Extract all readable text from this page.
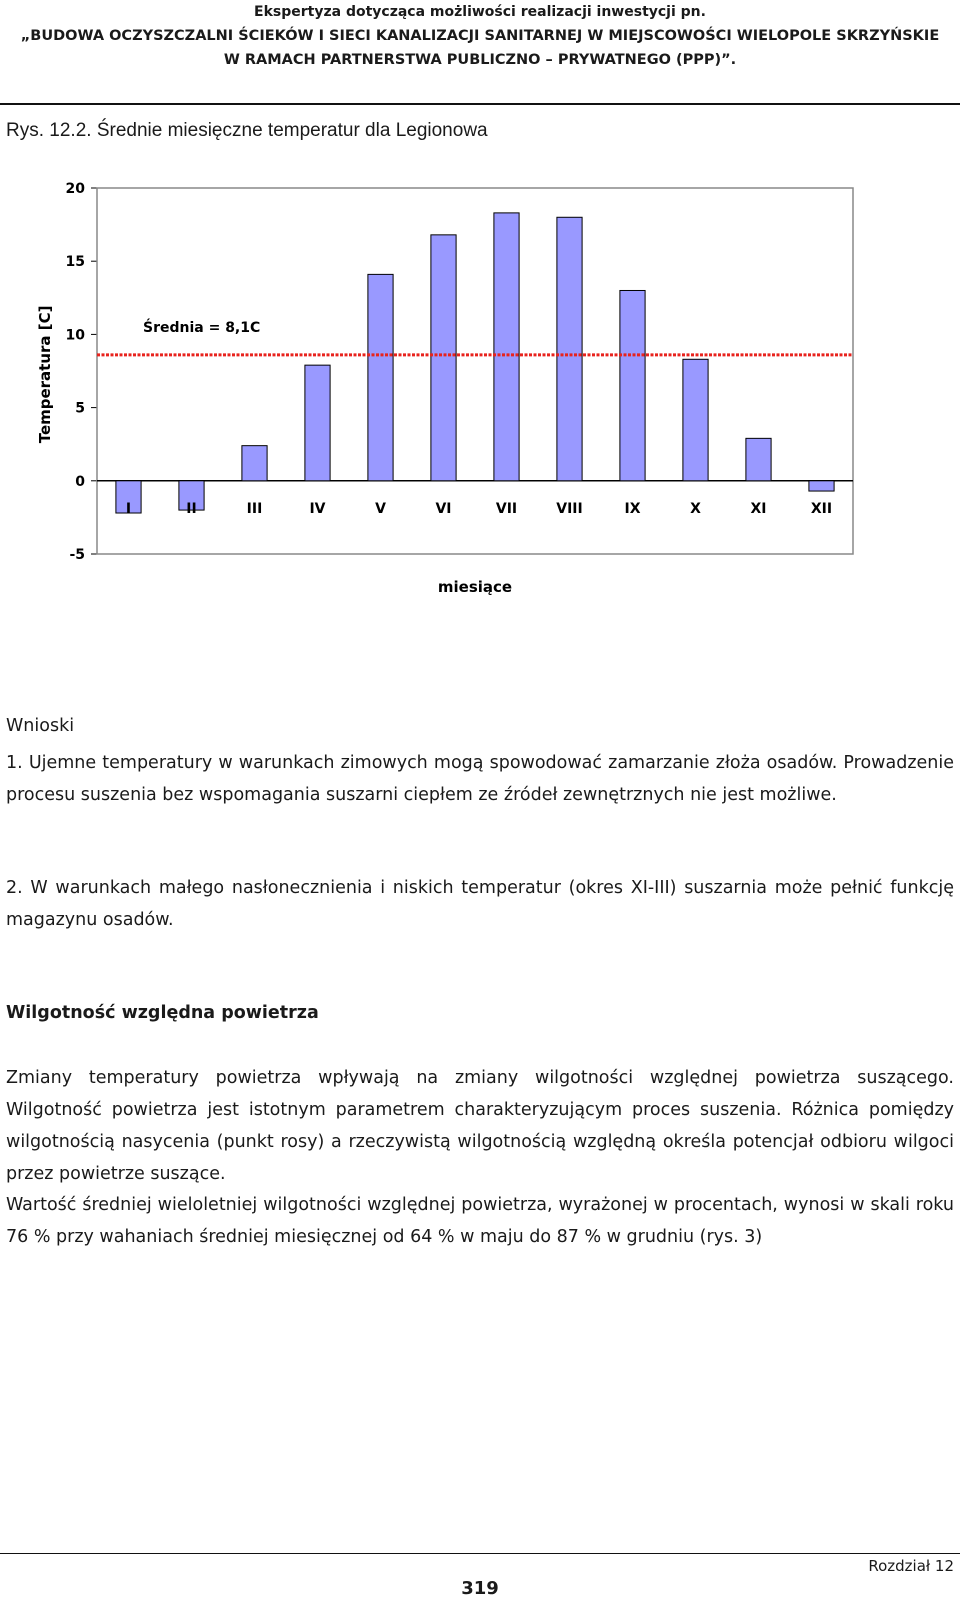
Ekspertyza dotycząca możliwości realizacji inwestycji pn.
„BUDOWA OCZYSZCZALNI ŚCIEKÓW I SIECI KANALIZACJI SANITARNEJ W MIEJSCOWOŚCI WIELOPOLE SKRZYŃSKIE
W RAMACH PARTNERSTWA PUBLICZNO – PRYWATNEGO (PPP)”.
Rys. 12.2. Średnie miesięczne temperatur dla Legionowa
20
15
10
5
0
-5
Średnia = 8,1C
I	II	III	IV	V	VI	VII	VIII	IX	X	XI	XII
Temperatura [C]
miesiące
Wnioski
1. Ujemne temperatury w warunkach zimowych mogą spowodować zamarzanie złoża osadów. Prowadzenie procesu suszenia bez wspomagania suszarni ciepłem ze źródeł zewnętrznych nie jest możliwe.
2. W warunkach małego nasłonecznienia i niskich temperatur (okres XI-III) suszarnia może pełnić funkcję magazynu osadów.
Wilgotność względna powietrza
Zmiany temperatury powietrza wpływają na zmiany wilgotności względnej powietrza suszącego. Wilgotność powietrza jest istotnym parametrem charakteryzującym proces suszenia. Różnica pomiędzy wilgotnością nasycenia (punkt rosy) a rzeczywistą wilgotnością względną określa potencjał odbioru wilgoci przez powietrze suszące.
Wartość średniej wieloletniej wilgotności względnej powietrza, wyrażonej w procentach, wynosi w skali roku 76 % przy wahaniach średniej miesięcznej od 64 % w maju do 87 % w grudniu (rys. 3)
Rozdział 12
319
